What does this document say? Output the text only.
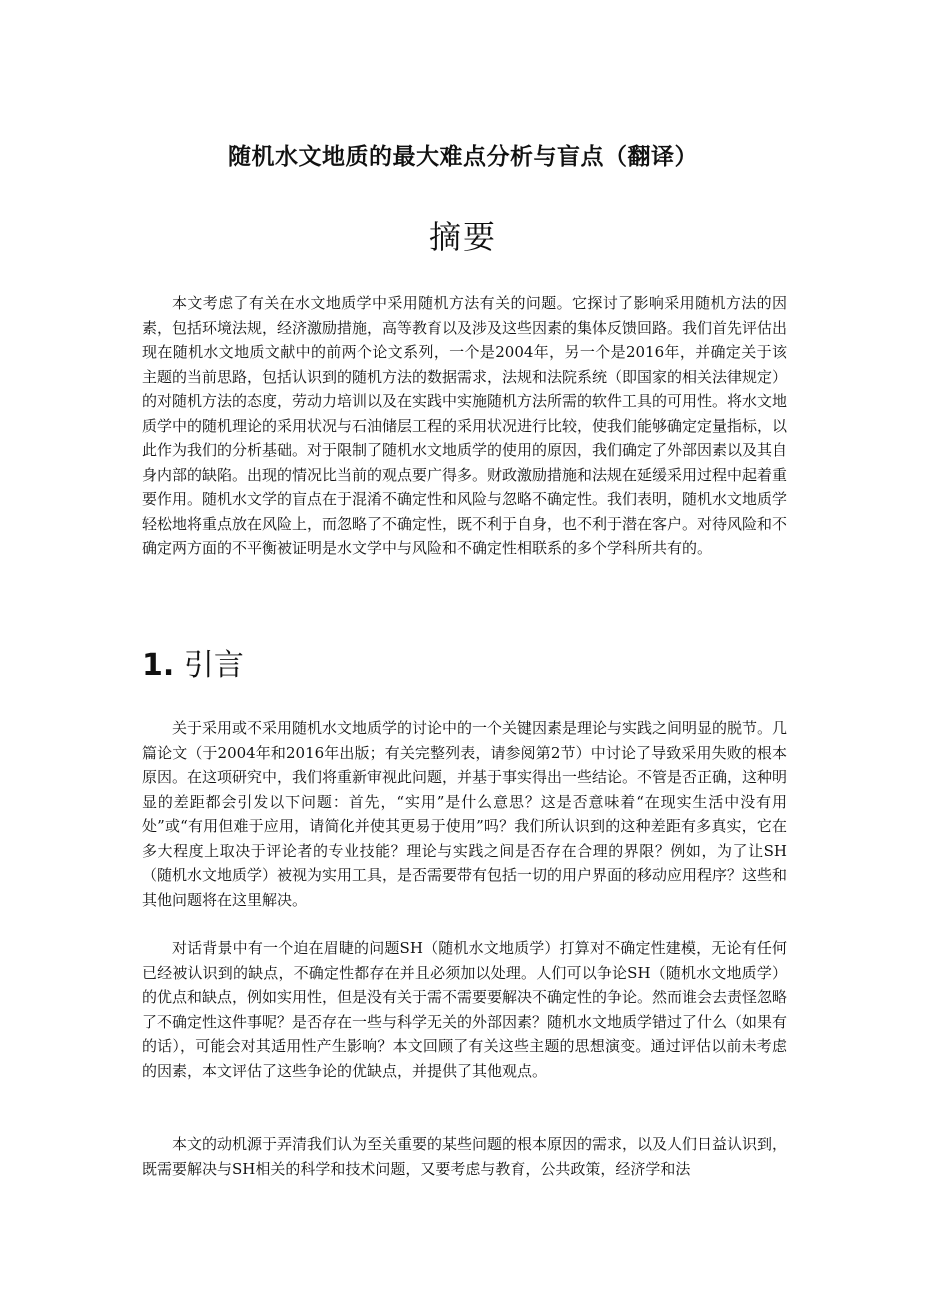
随机水文地质的最大难点分析与盲点（翻译）
摘要

本文考虑了有关在水文地质学中采用随机方法有关的问题。它探讨了影响采用随机方法的因素，包括环境法规，经济激励措施，高等教育以及涉及这些因素的集体反馈回路。我们首先评估出现在随机水文地质文献中的前两个论文系列，一个是2004年，另一个是2016年，并确定关于该主题的当前思路，包括认识到的随机方法的数据需求，法规和法院系统（即国家的相关法律规定）的对随机方法的态度，劳动力培训以及在实践中实施随机方法所需的软件工具的可用性。将水文地质学中的随机理论的采用状况与石油储层工程的采用状况进行比较，使我们能够确定定量指标，以此作为我们的分析基础。对于限制了随机水文地质学的使用的原因，我们确定了外部因素以及其自身内部的缺陷。出现的情况比当前的观点要广得多。财政激励措施和法规在延缓采用过程中起着重要作用。随机水文学的盲点在于混淆不确定性和风险与忽略不确定性。我们表明，随机水文地质学轻松地将重点放在风险上，而忽略了不确定性，既不利于自身，也不利于潜在客户。对待风险和不确定两方面的不平衡被证明是水文学中与风险和不确定性相联系的多个学科所共有的。

1. 引言

关于采用或不采用随机水文地质学的讨论中的一个关键因素是理论与实践之间明显的脱节。几篇论文（于2004年和2016年出版；有关完整列表，请参阅第2节）中讨论了导致采用失败的根本原因。在这项研究中，我们将重新审视此问题，并基于事实得出一些结论。不管是否正确，这种明显的差距都会引发以下问题：首先，“实用”是什么意思？这是否意味着“在现实生活中没有用处”或“有用但难于应用，请简化并使其更易于使用”吗？我们所认识到的这种差距有多真实，它在多大程度上取决于评论者的专业技能？理论与实践之间是否存在合理的界限？例如，为了让SH（随机水文地质学）被视为实用工具，是否需要带有包括一切的用户界面的移动应用程序？这些和其他问题将在这里解决。

对话背景中有一个迫在眉睫的问题SH（随机水文地质学）打算对不确定性建模，无论有任何已经被认识到的缺点，不确定性都存在并且必须加以处理。人们可以争论SH（随机水文地质学）的优点和缺点，例如实用性，但是没有关于需不需要要解决不确定性的争论。然而谁会去责怪忽略了不确定性这件事呢？是否存在一些与科学无关的外部因素？随机水文地质学错过了什么（如果有的话），可能会对其适用性产生影响？本文回顾了有关这些主题的思想演变。通过评估以前未考虑的因素，本文评估了这些争论的优缺点，并提供了其他观点。

本文的动机源于弄清我们认为至关重要的某些问题的根本原因的需求，以及人们日益认识到，既需要解决与SH相关的科学和技术问题，又要考虑与教育，公共政策，经济学和法
